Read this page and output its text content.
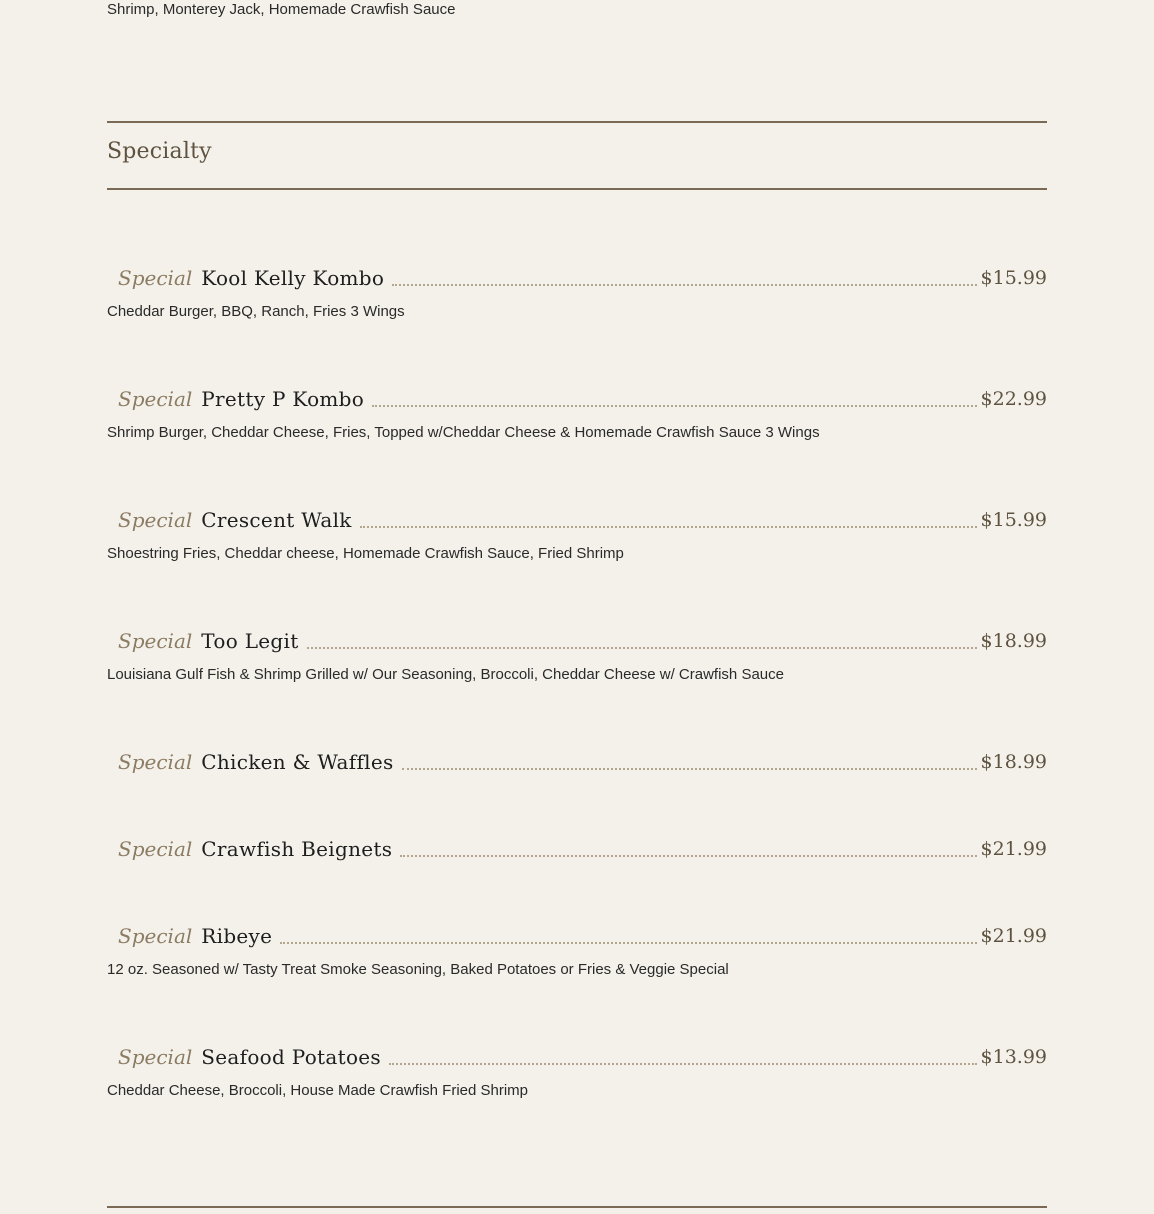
Shrimp, Monterey Jack, Homemade Crawfish Sauce
Specialty
Special Kool Kelly Kombo	$15.99
Cheddar Burger, BBQ, Ranch, Fries 3 Wings
Special Pretty P Kombo	$22.99
Shrimp Burger, Cheddar Cheese, Fries, Topped w/Cheddar Cheese & Homemade Crawfish Sauce 3 Wings
Special Crescent Walk	$15.99
Shoestring Fries, Cheddar cheese, Homemade Crawfish Sauce, Fried Shrimp
Special Too Legit	$18.99
Louisiana Gulf Fish & Shrimp Grilled w/ Our Seasoning, Broccoli, Cheddar Cheese w/ Crawfish Sauce
Special Chicken & Waffles	$18.99
Special Crawfish Beignets	$21.99
Special Ribeye	$21.99
12 oz. Seasoned w/ Tasty Treat Smoke Seasoning, Baked Potatoes or Fries & Veggie Special
Special Seafood Potatoes	$13.99
Cheddar Cheese, Broccoli, House Made Crawfish Fried Shrimp
